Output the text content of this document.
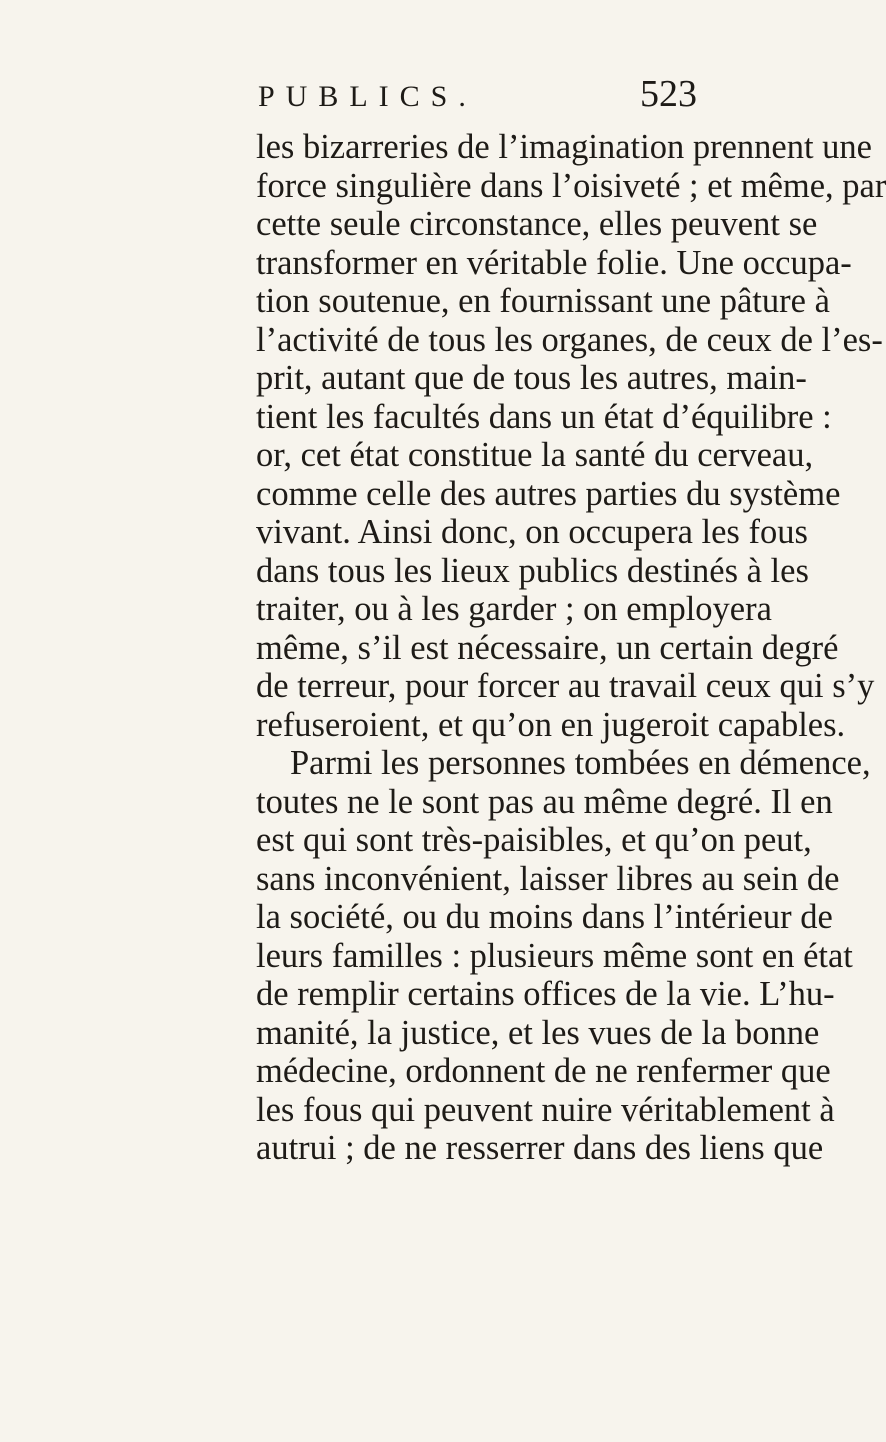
PUBLICS.	523
les bizarreries de l’imagination prennent une
force singulière dans l’oisiveté ; et même, par
cette seule circonstance, elles peuvent se
transformer en véritable folie. Une occupa-
tion soutenue, en fournissant une pâture à
l’activité de tous les organes, de ceux de l’es-
prit, autant que de tous les autres, main-
tient les facultés dans un état d’équilibre :
or, cet état constitue la santé du cerveau,
comme celle des autres parties du système
vivant. Ainsi donc, on occupera les fous
dans tous les lieux publics destinés à les
traiter, ou à les garder ; on employera
même, s’il est nécessaire, un certain degré
de terreur, pour forcer au travail ceux qui s’y
refuseroient, et qu’on en jugeroit capables.
Parmi les personnes tombées en démence,
toutes ne le sont pas au même degré. Il en
est qui sont très-paisibles, et qu’on peut,
sans inconvénient, laisser libres au sein de
la société, ou du moins dans l’intérieur de
leurs familles : plusieurs même sont en état
de remplir certains offices de la vie. L’hu-
manité, la justice, et les vues de la bonne
médecine, ordonnent de ne renfermer que
les fous qui peuvent nuire véritablement à
autrui ; de ne resserrer dans des liens que
